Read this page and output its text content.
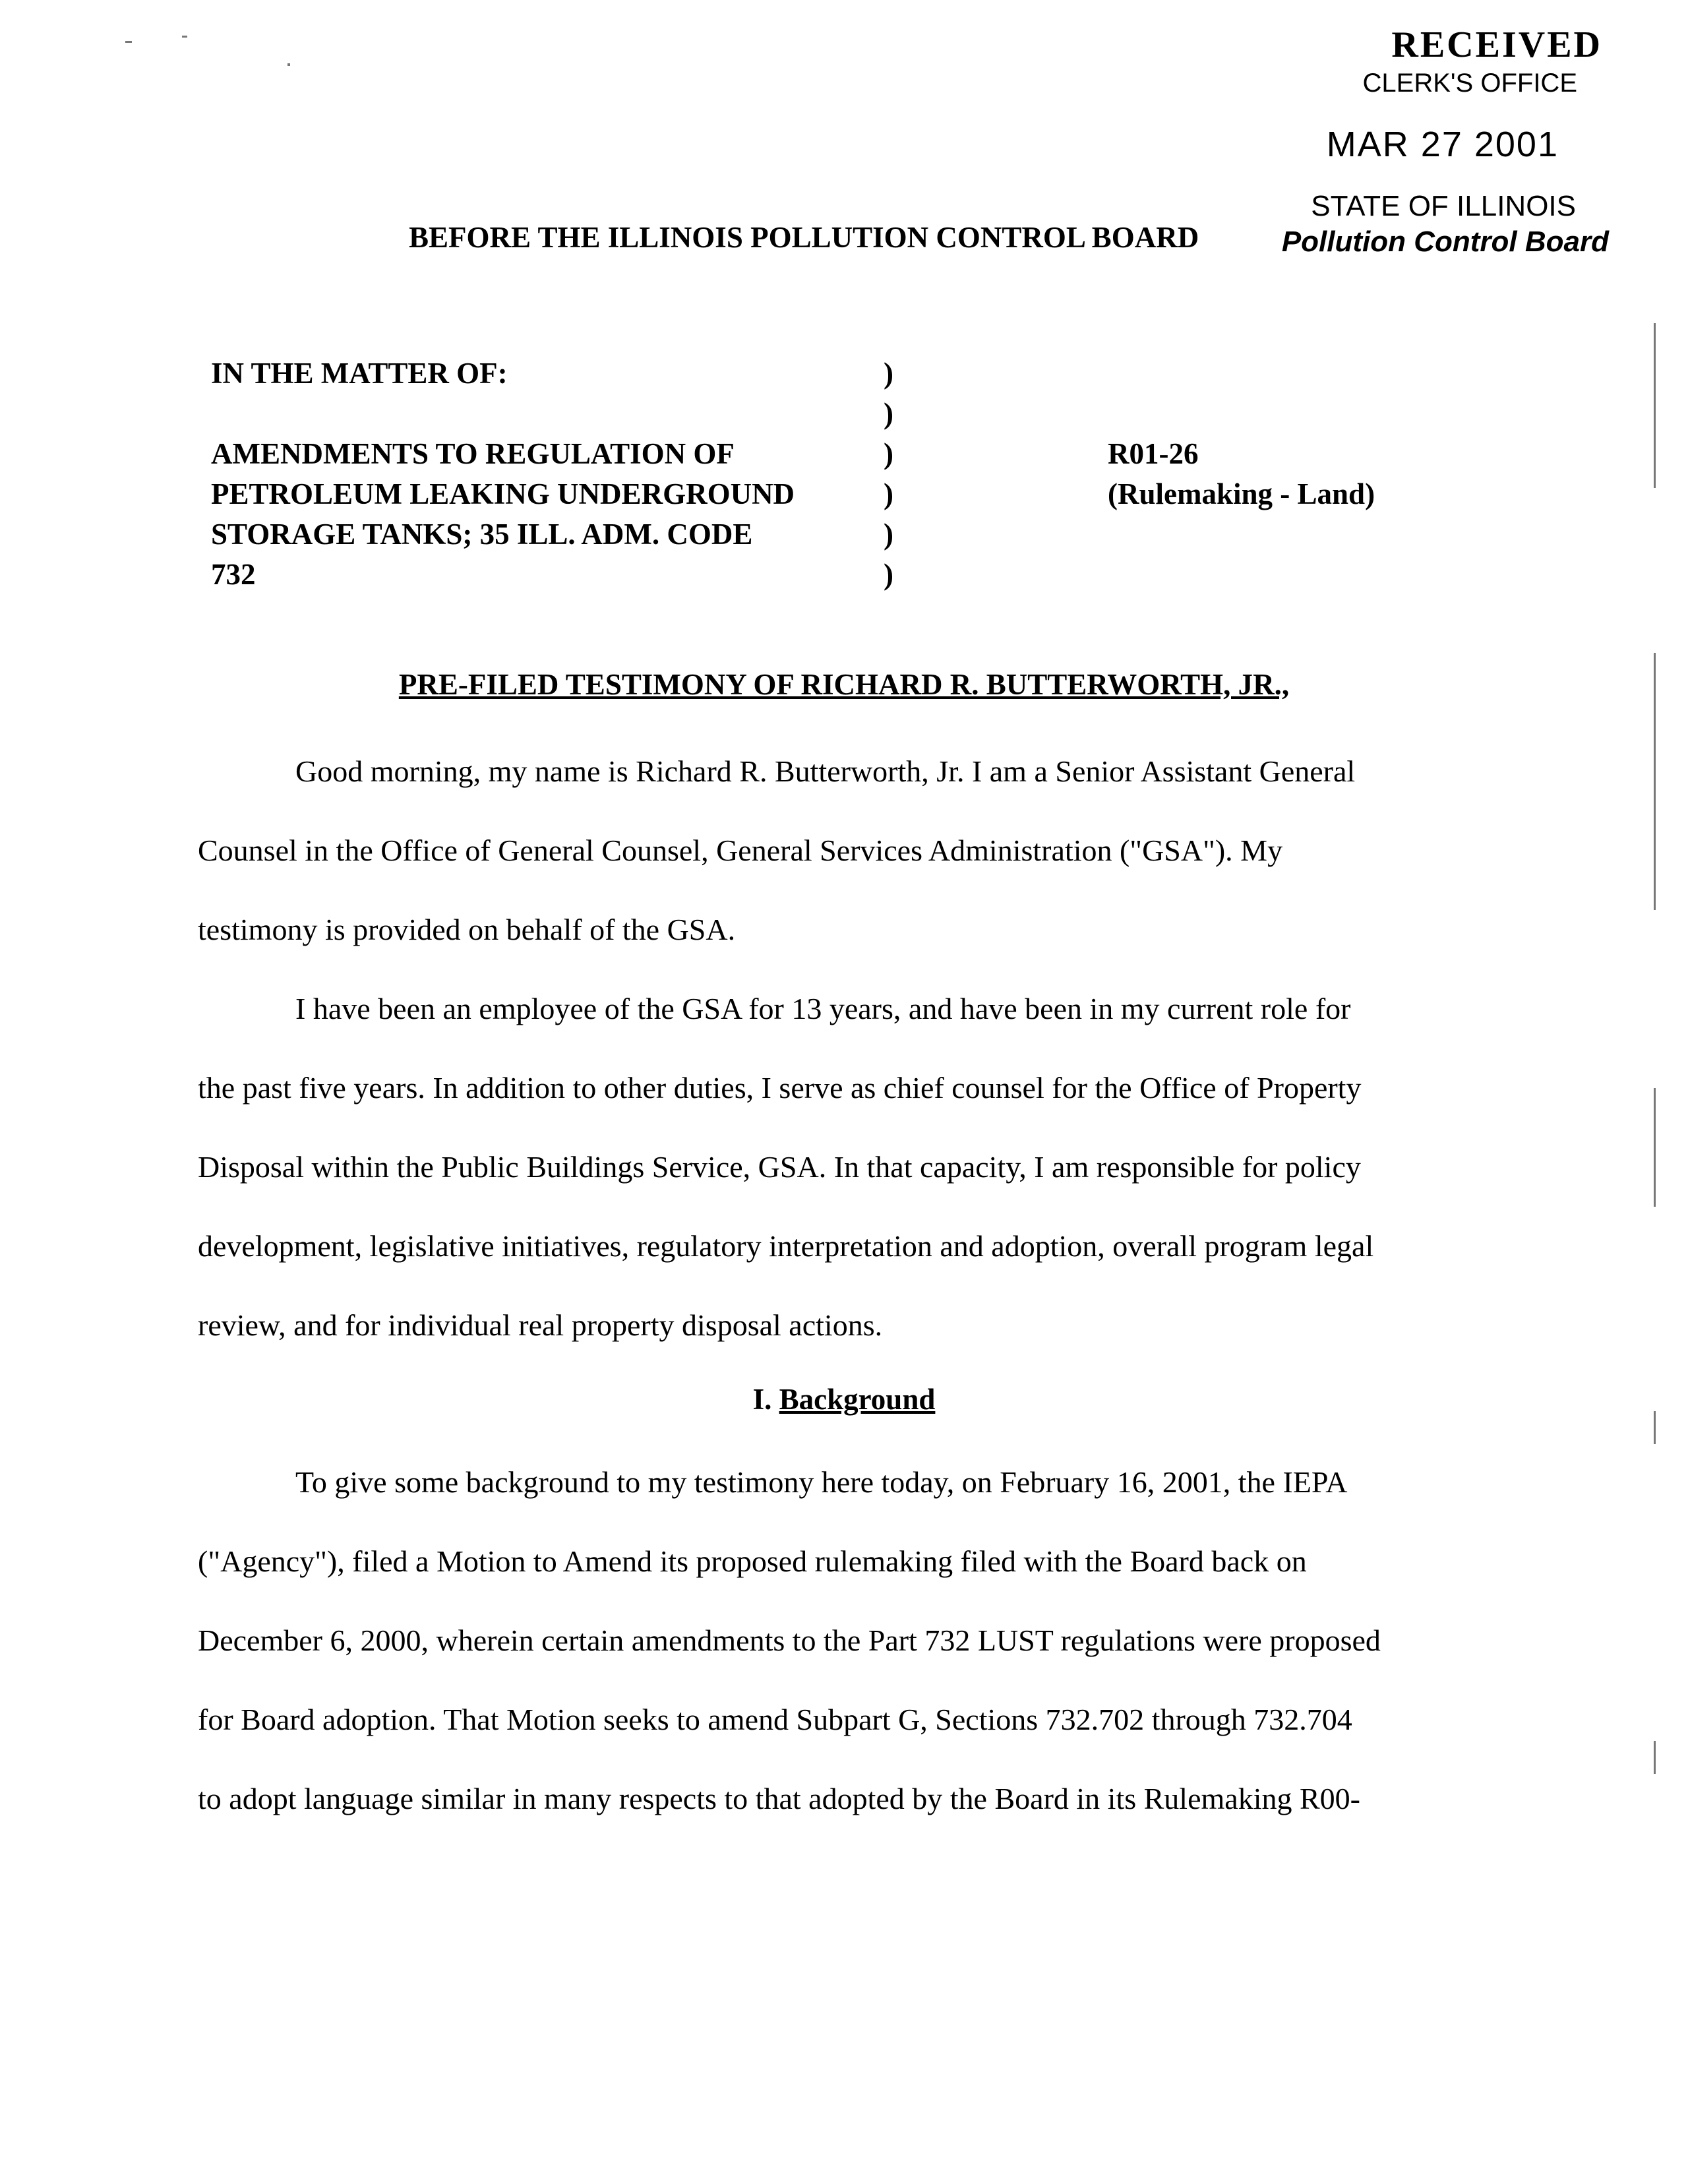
RECEIVED
CLERK'S OFFICE
MAR 27 2001
STATE OF ILLINOIS
Pollution Control Board
BEFORE THE ILLINOIS POLLUTION CONTROL BOARD
IN THE MATTER OF:
AMENDMENTS TO REGULATION OF
PETROLEUM LEAKING UNDERGROUND
STORAGE TANKS; 35 ILL. ADM. CODE
732
)
)
)
)
)
)
R01-26
(Rulemaking - Land)
PRE-FILED TESTIMONY OF RICHARD R. BUTTERWORTH, JR.,

Good morning, my name is Richard R. Butterworth, Jr. I am a Senior Assistant General

Counsel in the Office of General Counsel, General Services Administration ("GSA"). My
testimony is provided on behalf of the GSA.

I have been an employee of the GSA for 13 years, and have been in my current role for

the past five years. In addition to other duties, I serve as chief counsel for the Office of Property
Disposal within the Public Buildings Service, GSA. In that capacity, I am responsible for policy
development, legislative initiatives, regulatory interpretation and adoption, overall program legal
review, and for individual real property disposal actions.
I. Background

To give some background to my testimony here today, on February 16, 2001, the IEPA

("Agency"), filed a Motion to Amend its proposed rulemaking filed with the Board back on
December 6, 2000, wherein certain amendments to the Part 732 LUST regulations were proposed
for Board adoption. That Motion seeks to amend Subpart G, Sections 732.702 through 732.704
to adopt language similar in many respects to that adopted by the Board in its Rulemaking R00-
